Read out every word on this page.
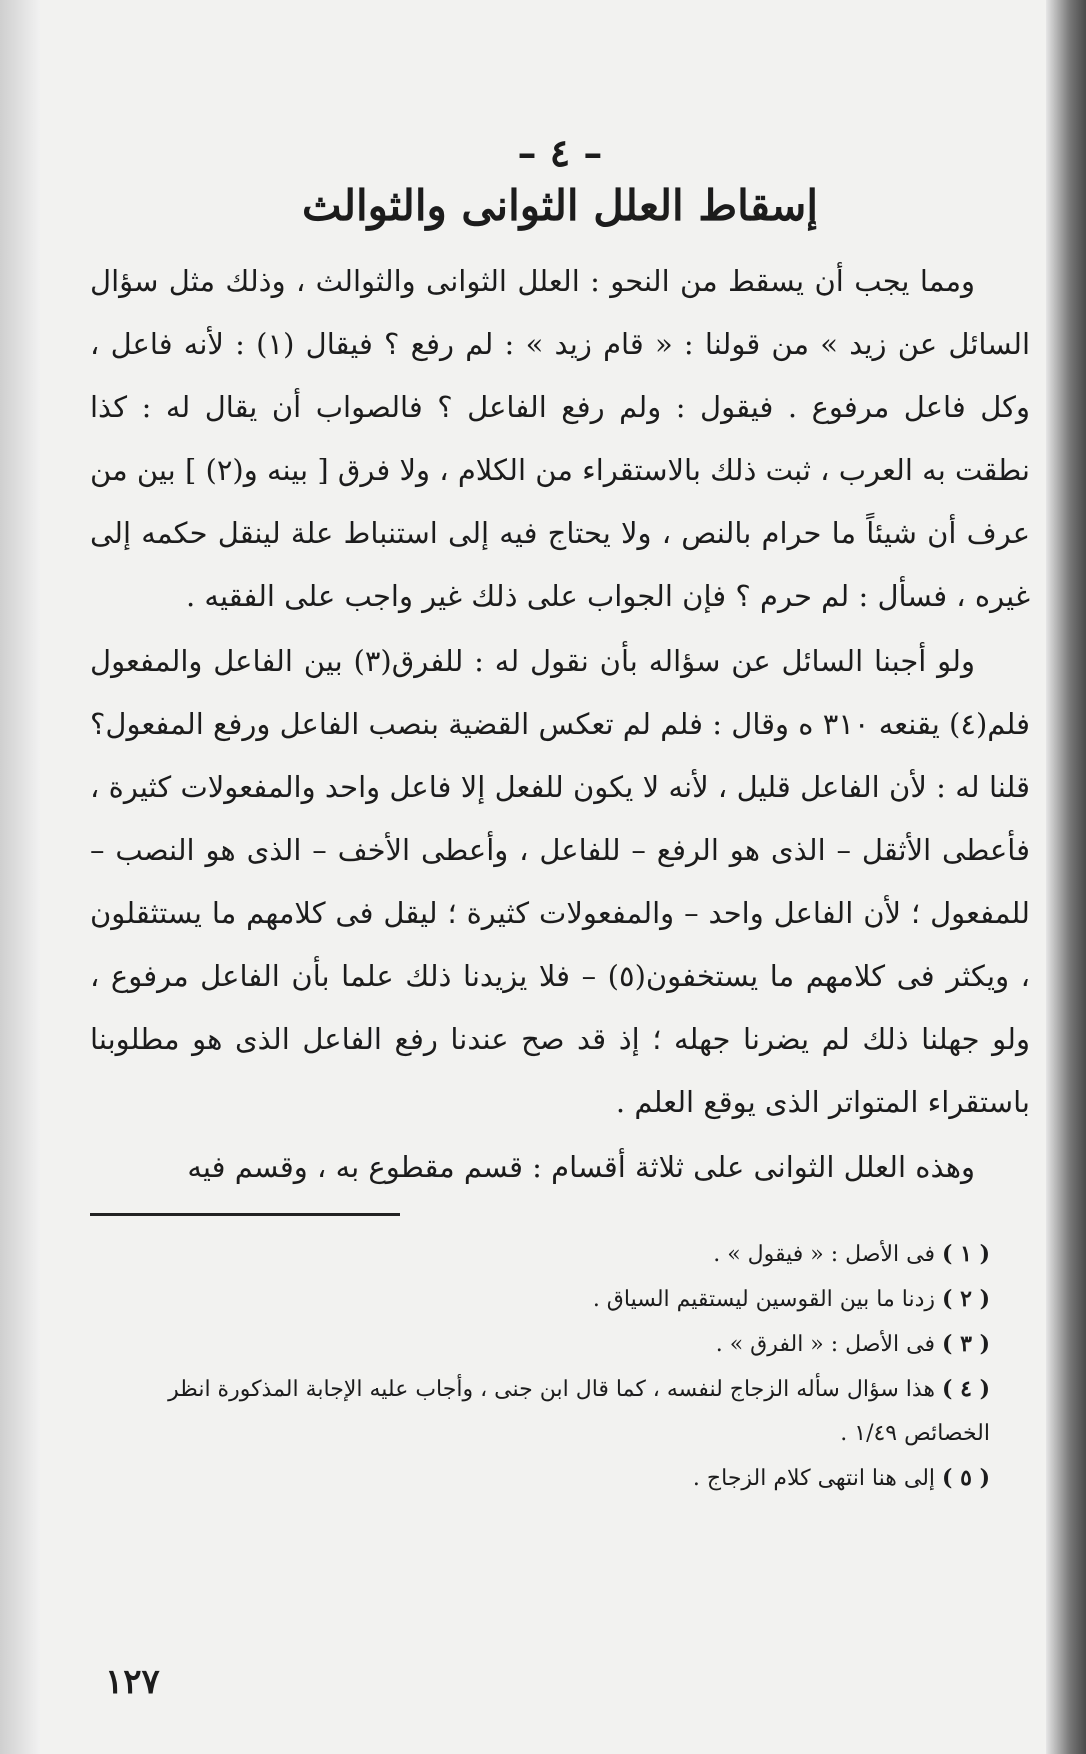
– ٤ –
إسقاط العلل الثوانى والثوالث

ومما يجب أن يسقط من النحو : العلل الثوانى والثوالث ، وذلك مثل سؤال السائل عن زيد » من قولنا : « قام زيد » : لم رفع ؟ فيقال (١) : لأنه فاعل ، وكل فاعل مرفوع . فيقول : ولم رفع الفاعل ؟ فالصواب أن يقال له : كذا نطقت به العرب ، ثبت ذلك بالاستقراء من الكلام ، ولا فرق [ بينه و(٢) ] بين من عرف أن شيئاً ما حرام بالنص ، ولا يحتاج فيه إلى استنباط علة لينقل حكمه إلى غيره ، فسأل : لم حرم ؟ فإن الجواب على ذلك غير واجب على الفقيه .

ولو أجبنا السائل عن سؤاله بأن نقول له : للفرق(٣) بين الفاعل والمفعول فلم(٤) يقنعه ٣١٠ ه وقال : فلم لم تعكس القضية بنصب الفاعل ورفع المفعول؟ قلنا له : لأن الفاعل قليل ، لأنه لا يكون للفعل إلا فاعل واحد والمفعولات كثيرة ، فأعطى الأثقل – الذى هو الرفع – للفاعل ، وأعطى الأخف – الذى هو النصب – للمفعول ؛ لأن الفاعل واحد – والمفعولات كثيرة ؛ ليقل فى كلامهم ما يستثقلون ، ويكثر فى كلامهم ما يستخفون(٥) – فلا يزيدنا ذلك علما بأن الفاعل مرفوع ، ولو جهلنا ذلك لم يضرنا جهله ؛ إذ قد صح عندنا رفع الفاعل الذى هو مطلوبنا باستقراء المتواتر الذى يوقع العلم .

وهذه العلل الثوانى على ثلاثة أقسام : قسم مقطوع به ، وقسم فيه

( ١ ) فى الأصل : « فيقول » .

( ٢ ) زدنا ما بين القوسين ليستقيم السياق .

( ٣ ) فى الأصل : « الفرق » .

( ٤ ) هذا سؤال سأله الزجاج لنفسه ، كما قال ابن جنى ، وأجاب عليه الإجابة المذكورة انظر الخصائص ١/٤٩ .

( ٥ ) إلى هنا انتهى كلام الزجاج .

١٢٧
